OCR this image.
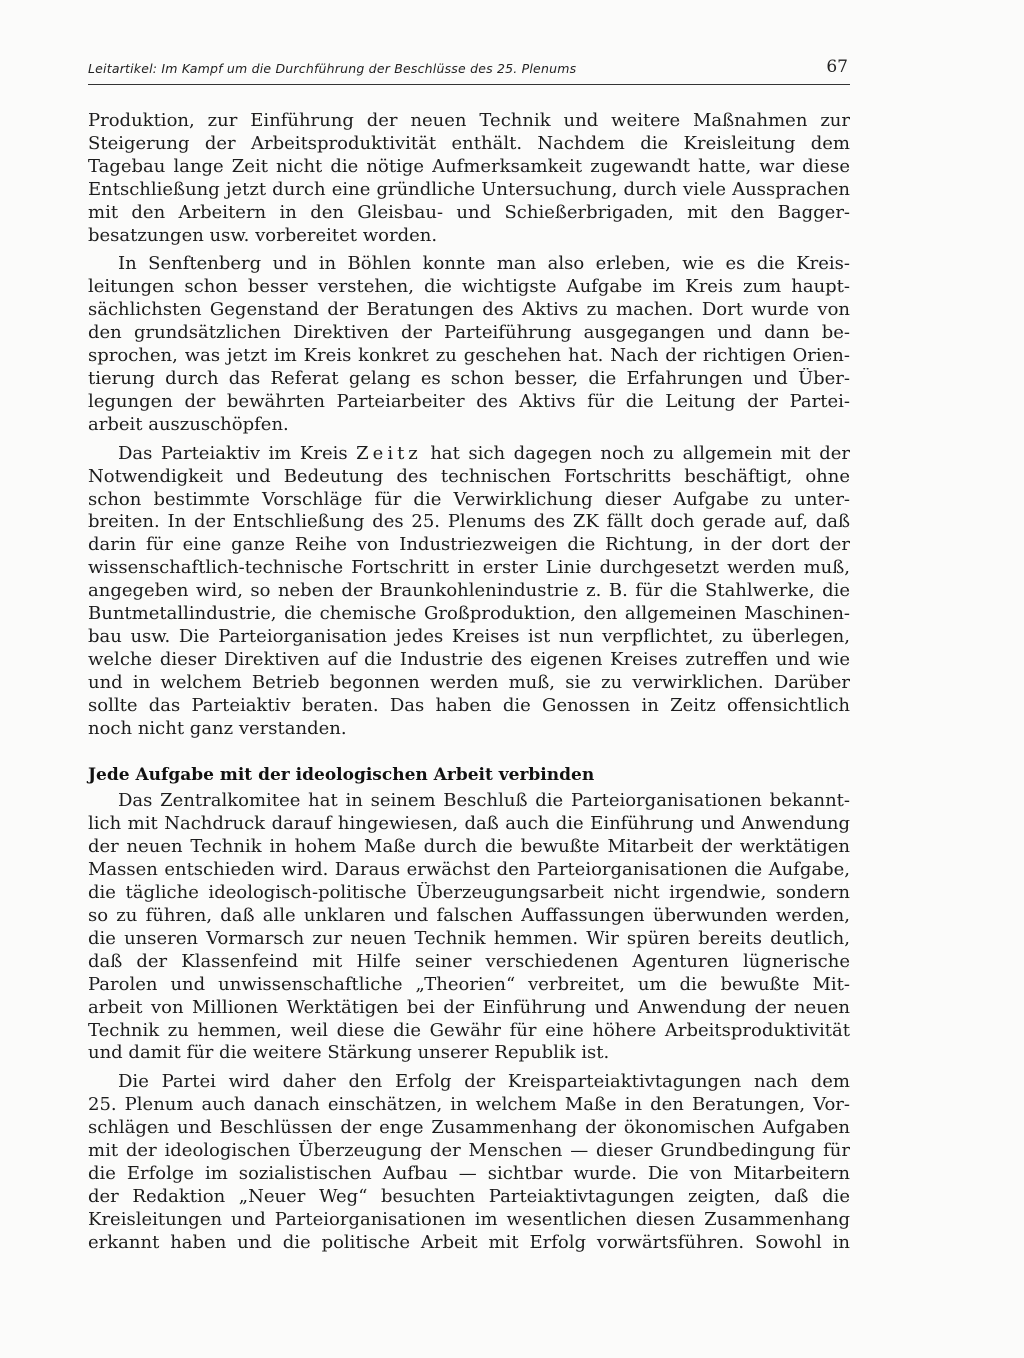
Leitartikel: Im Kampf um die Durchführung der Beschlüsse des 25. Plenums	67

Produktion, zur Einführung der neuen Technik und weitere Maßnahmen zur
Steigerung der Arbeitsproduktivität enthält. Nachdem die Kreisleitung dem
Tagebau lange Zeit nicht die nötige Aufmerksamkeit zugewandt hatte, war diese
Entschließung jetzt durch eine gründliche Untersuchung, durch viele Aussprachen
mit den Arbeitern in den Gleisbau- und Schießerbrigaden, mit den Bagger-
besatzungen usw. vorbereitet worden.

In Senftenberg und in Böhlen konnte man also erleben, wie es die Kreis-
leitungen schon besser verstehen, die wichtigste Aufgabe im Kreis zum haupt-
sächlichsten Gegenstand der Beratungen des Aktivs zu machen. Dort wurde von
den grundsätzlichen Direktiven der Parteiführung ausgegangen und dann be-
sprochen, was jetzt im Kreis konkret zu geschehen hat. Nach der richtigen Orien-
tierung durch das Referat gelang es schon besser, die Erfahrungen und Über-
legungen der bewährten Parteiarbeiter des Aktivs für die Leitung der Partei-
arbeit auszuschöpfen.

Das Parteiaktiv im Kreis Zeitz hat sich dagegen noch zu allgemein mit der
Notwendigkeit und Bedeutung des technischen Fortschritts beschäftigt, ohne
schon bestimmte Vorschläge für die Verwirklichung dieser Aufgabe zu unter-
breiten. In der Entschließung des 25. Plenums des ZK fällt doch gerade auf, daß
darin für eine ganze Reihe von Industriezweigen die Richtung, in der dort der
wissenschaftlich-technische Fortschritt in erster Linie durchgesetzt werden muß,
angegeben wird, so neben der Braunkohlenindustrie z. B. für die Stahlwerke, die
Buntmetallindustrie, die chemische Großproduktion, den allgemeinen Maschinen-
bau usw. Die Parteiorganisation jedes Kreises ist nun verpflichtet, zu überlegen,
welche dieser Direktiven auf die Industrie des eigenen Kreises zutreffen und wie
und in welchem Betrieb begonnen werden muß, sie zu verwirklichen. Darüber
sollte das Parteiaktiv beraten. Das haben die Genossen in Zeitz offensichtlich
noch nicht ganz verstanden.

Jede Aufgabe mit der ideologischen Arbeit verbinden

Das Zentralkomitee hat in seinem Beschluß die Parteiorganisationen bekannt-
lich mit Nachdruck darauf hingewiesen, daß auch die Einführung und Anwendung
der neuen Technik in hohem Maße durch die bewußte Mitarbeit der werktätigen
Massen entschieden wird. Daraus erwächst den Parteiorganisationen die Aufgabe,
die tägliche ideologisch-politische Überzeugungsarbeit nicht irgendwie, sondern
so zu führen, daß alle unklaren und falschen Auffassungen überwunden werden,
die unseren Vormarsch zur neuen Technik hemmen. Wir spüren bereits deutlich,
daß der Klassenfeind mit Hilfe seiner verschiedenen Agenturen lügnerische
Parolen und unwissenschaftliche „Theorien“ verbreitet, um die bewußte Mit-
arbeit von Millionen Werktätigen bei der Einführung und Anwendung der neuen
Technik zu hemmen, weil diese die Gewähr für eine höhere Arbeitsproduktivität
und damit für die weitere Stärkung unserer Republik ist.

Die Partei wird daher den Erfolg der Kreisparteiaktivtagungen nach dem
25. Plenum auch danach einschätzen, in welchem Maße in den Beratungen, Vor-
schlägen und Beschlüssen der enge Zusammenhang der ökonomischen Aufgaben
mit der ideologischen Überzeugung der Menschen — dieser Grundbedingung für
die Erfolge im sozialistischen Aufbau — sichtbar wurde. Die von Mitarbeitern
der Redaktion „Neuer Weg“ besuchten Parteiaktivtagungen zeigten, daß die
Kreisleitungen und Parteiorganisationen im wesentlichen diesen Zusammenhang
erkannt haben und die politische Arbeit mit Erfolg vorwärtsführen. Sowohl in
